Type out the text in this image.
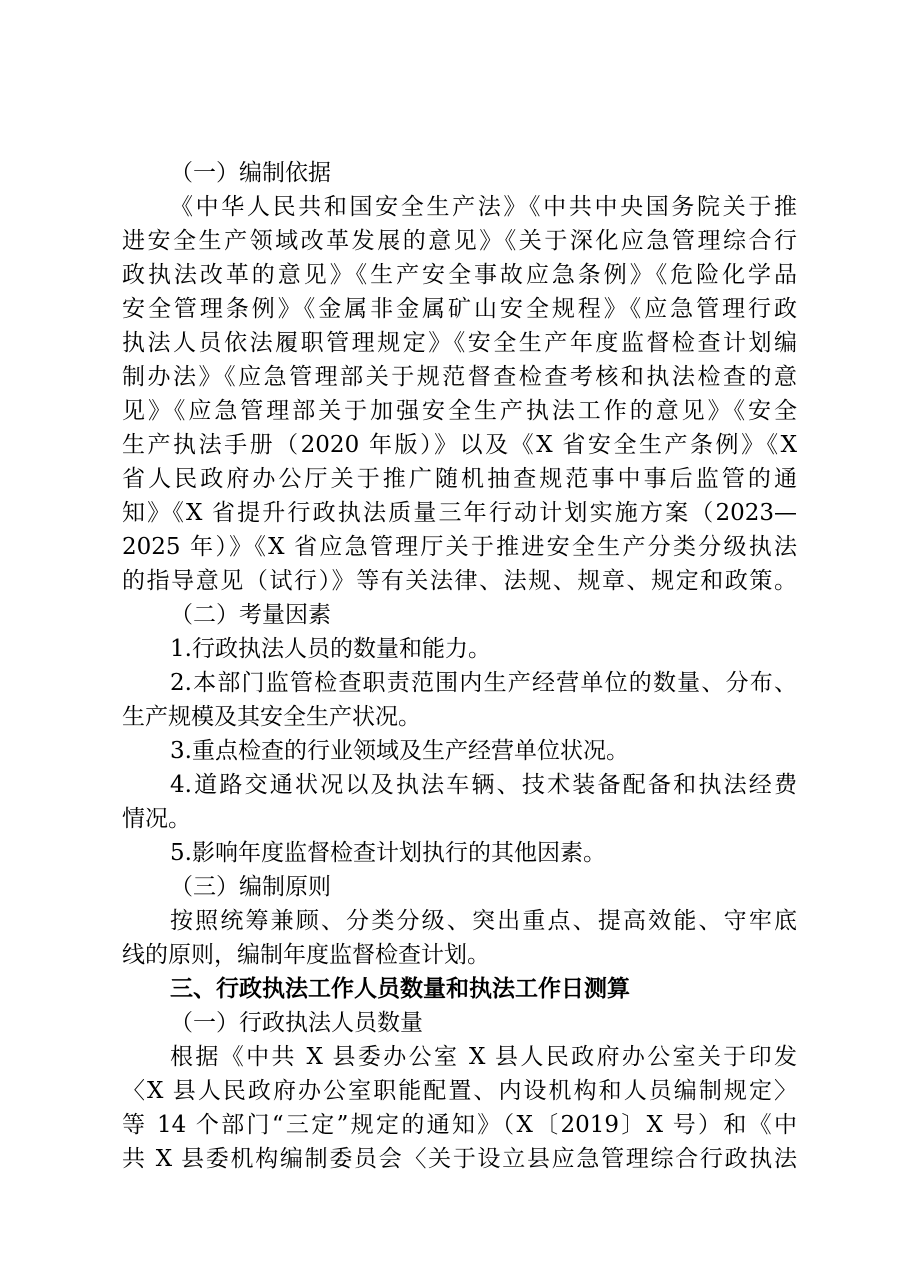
（一）编制依据
《中华人民共和国安全生产法》《中共中央国务院关于推
进安全生产领域改革发展的意见》《关于深化应急管理综合行
政执法改革的意见》《生产安全事故应急条例》《危险化学品
安全管理条例》《金属非金属矿山安全规程》《应急管理行政
执法人员依法履职管理规定》《安全生产年度监督检查计划编
制办法》《应急管理部关于规范督查检查考核和执法检查的意
见》《应急管理部关于加强安全生产执法工作的意见》《安全
生产执法手册（2020 年版）》以及《X 省安全生产条例》《X
省人民政府办公厅关于推广随机抽查规范事中事后监管的通
知》《X 省提升行政执法质量三年行动计划实施方案（2023—
2025 年）》《X 省应急管理厅关于推进安全生产分类分级执法
的指导意见（试行）》等有关法律、法规、规章、规定和政策。
（二）考量因素
1.行政执法人员的数量和能力。
2.本部门监管检查职责范围内生产经营单位的数量、分布、
生产规模及其安全生产状况。
3.重点检查的行业领域及生产经营单位状况。
4.道路交通状况以及执法车辆、技术装备配备和执法经费
情况。
5.影响年度监督检查计划执行的其他因素。
（三）编制原则
按照统筹兼顾、分类分级、突出重点、提高效能、守牢底
线的原则，编制年度监督检查计划。
三、行政执法工作人员数量和执法工作日测算
（一）行政执法人员数量
根据《中共 X 县委办公室 X 县人民政府办公室关于印发
〈X 县人民政府办公室职能配置、内设机构和人员编制规定〉
等 14 个部门“三定”规定的通知》（X〔2019〕X 号）和《中
共 X 县委机构编制委员会〈关于设立县应急管理综合行政执法
